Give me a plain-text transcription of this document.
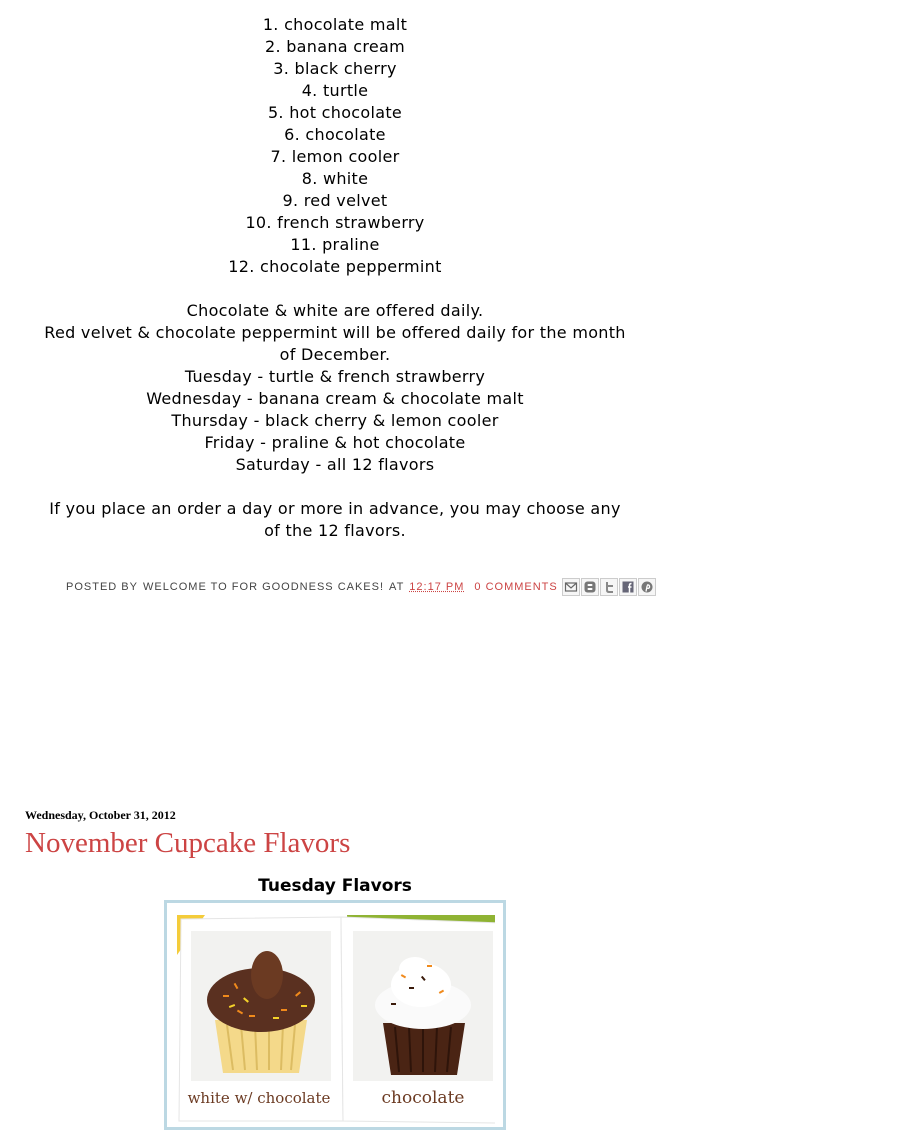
1. chocolate malt
2. banana cream
3. black cherry
4. turtle
5. hot chocolate
6. chocolate
7. lemon cooler
8. white
9. red velvet
10. french strawberry
11. praline
12. chocolate peppermint
Chocolate & white are offered daily.
Red velvet & chocolate peppermint will be offered daily for the month
of December.
Tuesday - turtle & french strawberry
Wednesday - banana cream & chocolate malt
Thursday - black cherry & lemon cooler
Friday - praline & hot chocolate
Saturday - all 12 flavors
If you place an order a day or more in advance, you may choose any
of the 12 flavors.
POSTED BY WELCOME TO FOR GOODNESS CAKES! AT 12:17 PM 0 COMMENTS
Wednesday, October 31, 2012
November Cupcake Flavors
Tuesday Flavors
white w/ chocolate	chocolate
